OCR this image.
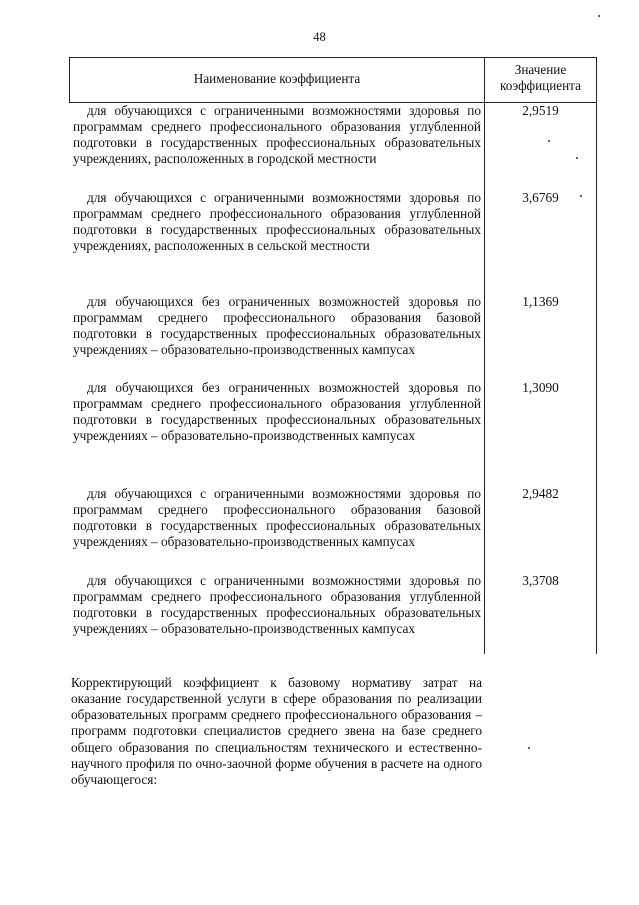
48
Наименование коэффициента
Значение
коэффициента
для обучающихся с ограниченными возможностями здоровья по программам среднего профессионального образования углубленной подготовки в государственных профессиональных образовательных учреждениях, расположенных в городской местности
2,9519
для обучающихся с ограниченными возможностями здоровья по программам среднего профессионального образования углубленной подготовки в государственных профессиональных образовательных учреждениях, расположенных в сельской местности
3,6769
для обучающихся без ограниченных возможностей здоровья по программам среднего профессионального образования базовой подготовки в государственных профессиональных образовательных учреждениях – образовательно-производственных кампусах
1,1369
для обучающихся без ограниченных возможностей здоровья по программам среднего профессионального образования углубленной подготовки в государственных профессиональных образовательных учреждениях – образовательно-производственных кампусах
1,3090
для обучающихся с ограниченными возможностями здоровья по программам среднего профессионального образования базовой подготовки в государственных профессиональных образовательных учреждениях – образовательно-производственных кампусах
2,9482
для обучающихся с ограниченными возможностями здоровья по программам среднего профессионального образования углубленной подготовки в государственных профессиональных образовательных учреждениях – образовательно-производственных кампусах
3,3708
Корректирующий коэффициент к базовому нормативу затрат на оказание государственной услуги в сфере образования по реализации образовательных программ среднего профессионального образования – программ подготовки специалистов среднего звена на базе среднего общего образования по специальностям технического и естественно-научного профиля по очно-заочной форме обучения в расчете на одного обучающегося:
